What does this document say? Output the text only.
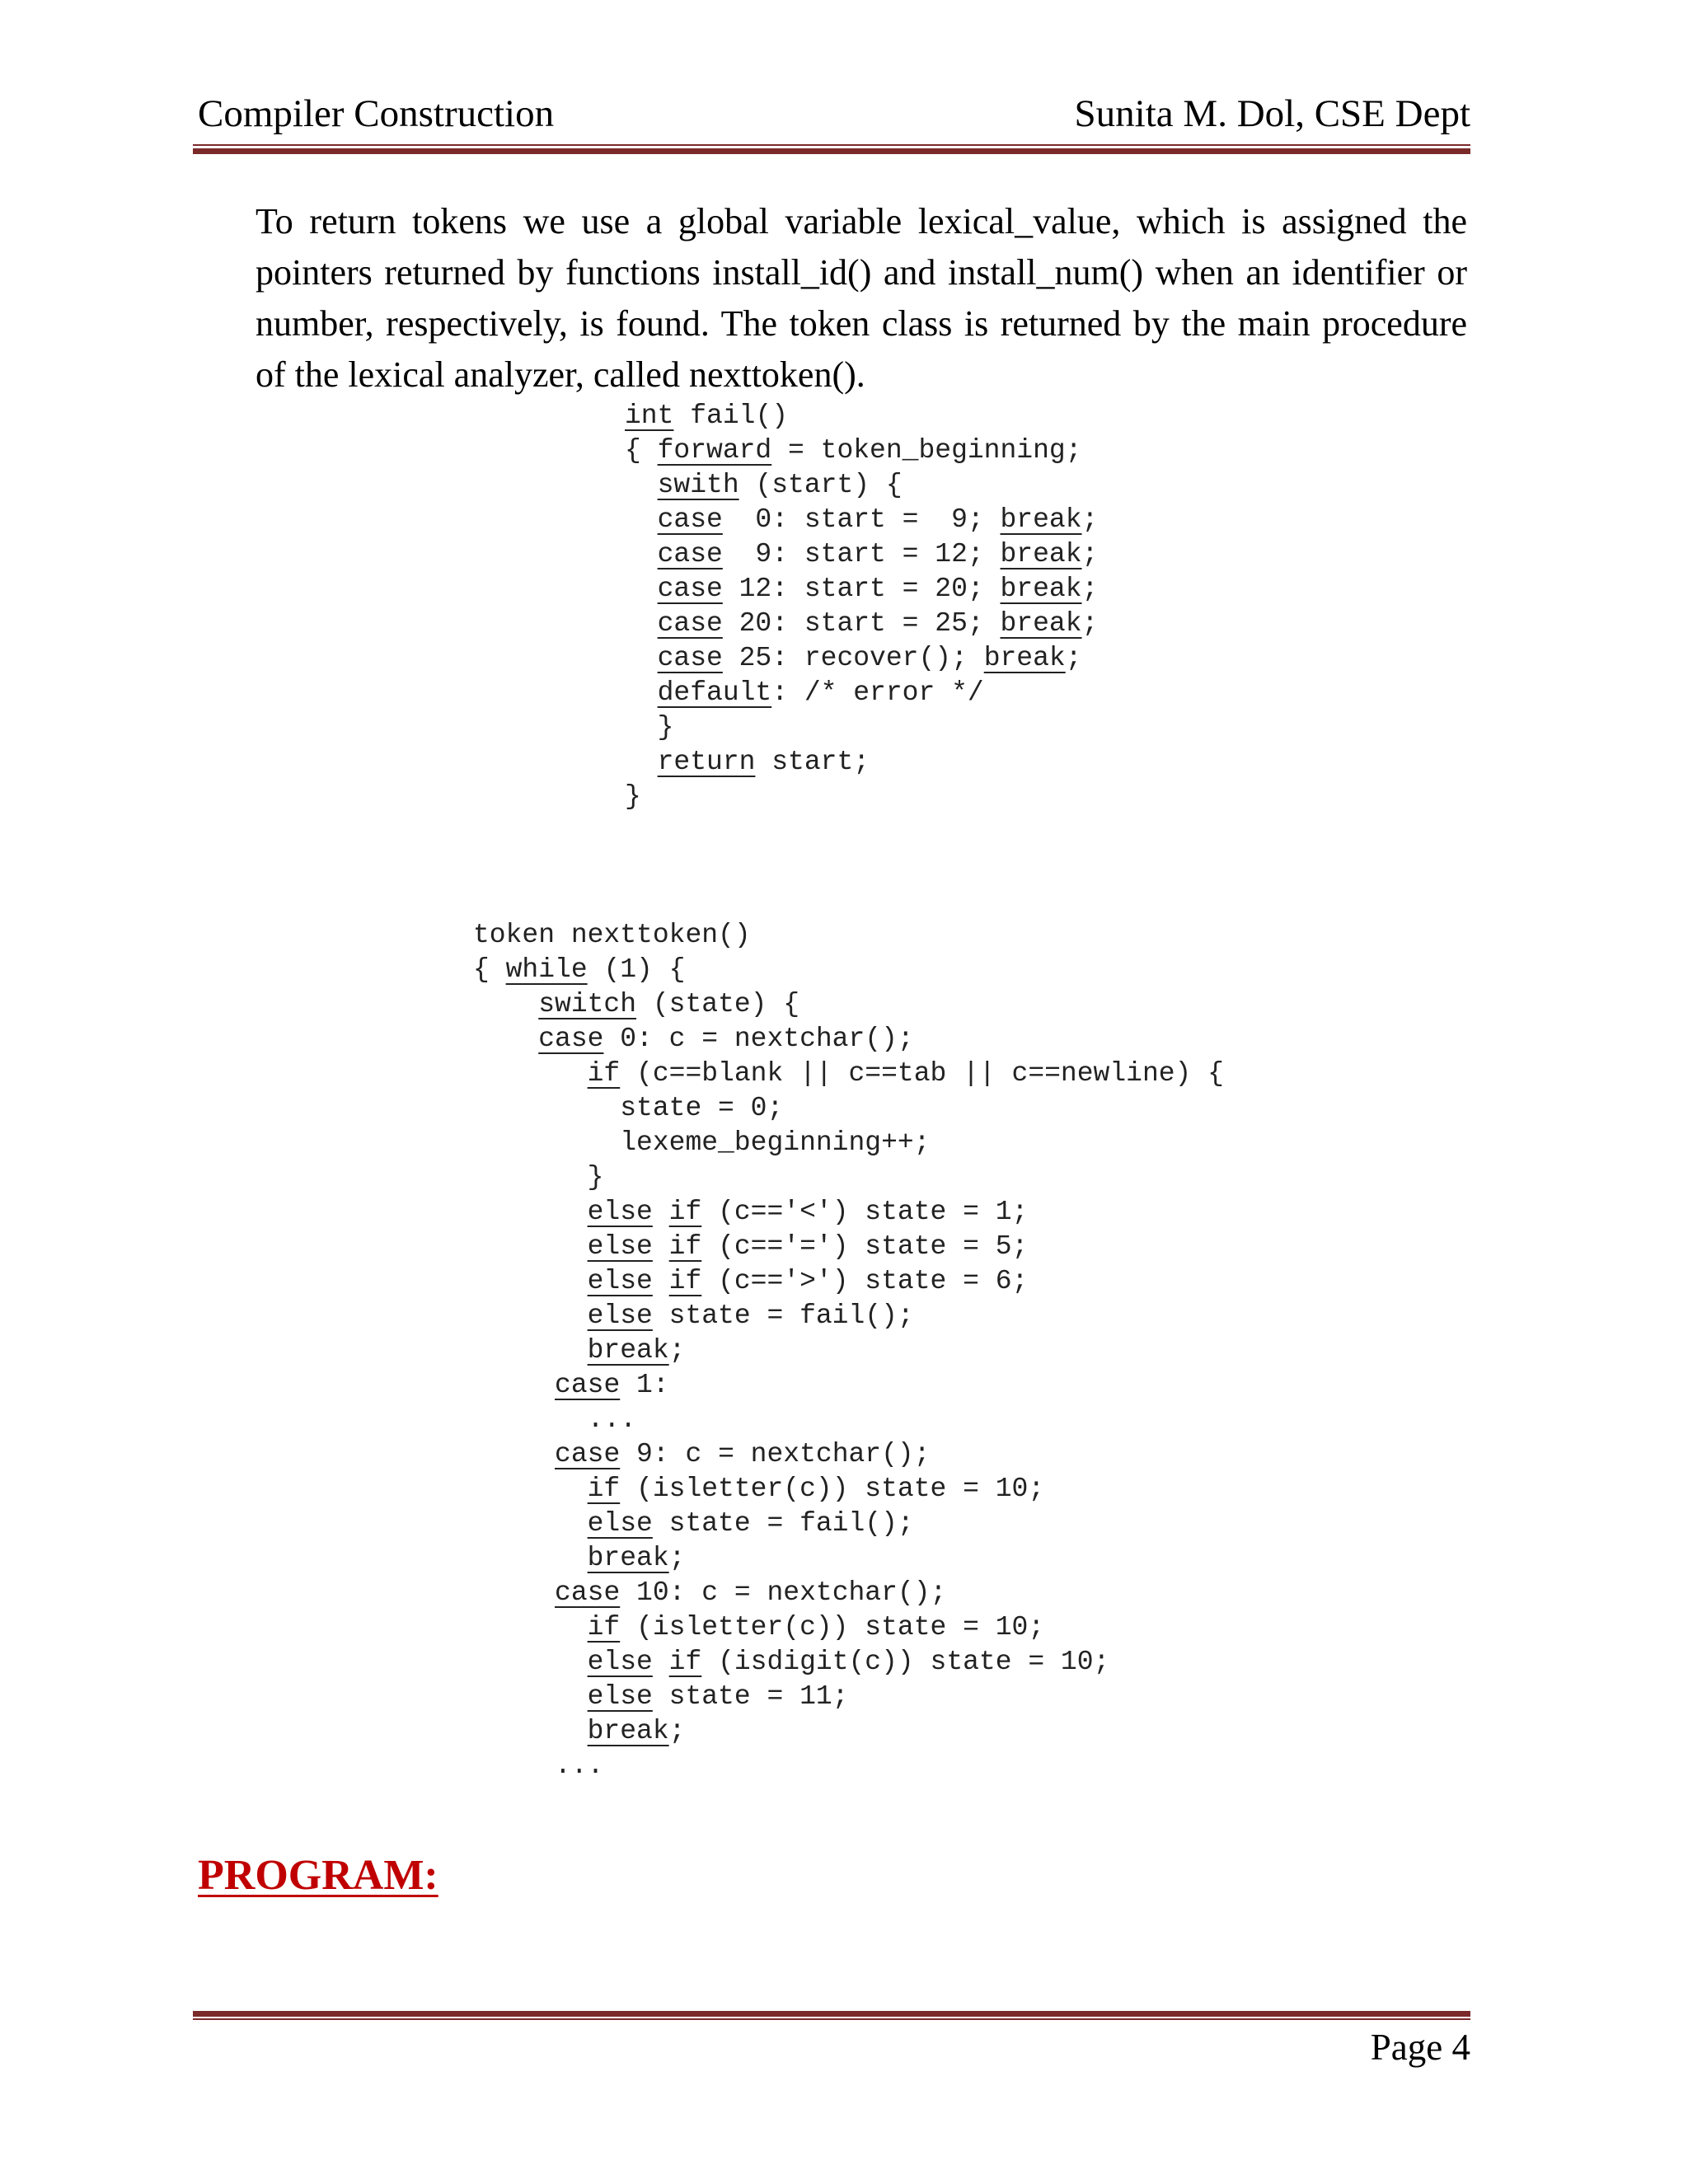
Compiler Construction	Sunita M. Dol, CSE Dept

To return tokens we use a global variable lexical_value, which is assigned the pointers returned by functions install_id() and install_num() when an identifier or number, respectively, is found. The token class is returned by the main procedure of the lexical analyzer, called nexttoken().

int fail()
{ forward = token_beginning;
swith (start) {
case  0: start =  9; break;
case  9: start = 12; break;
case 12: start = 20; break;
case 20: start = 25; break;
case 25: recover(); break;
default: /* error */
}
return start;
}
token nexttoken()
{ while (1) {
switch (state) {
case 0: c = nextchar();
if (c==blank || c==tab || c==newline) {
state = 0;
lexeme_beginning++;
}
else if (c=='<') state = 1;
else if (c=='=') state = 5;
else if (c=='>') state = 6;
else state = fail();
break;
case 1:
...
case 9: c = nextchar();
if (isletter(c)) state = 10;
else state = fail();
break;
case 10: c = nextchar();
if (isletter(c)) state = 10;
else if (isdigit(c)) state = 10;
else state = 11;
break;
...
PROGRAM:
Page 4
